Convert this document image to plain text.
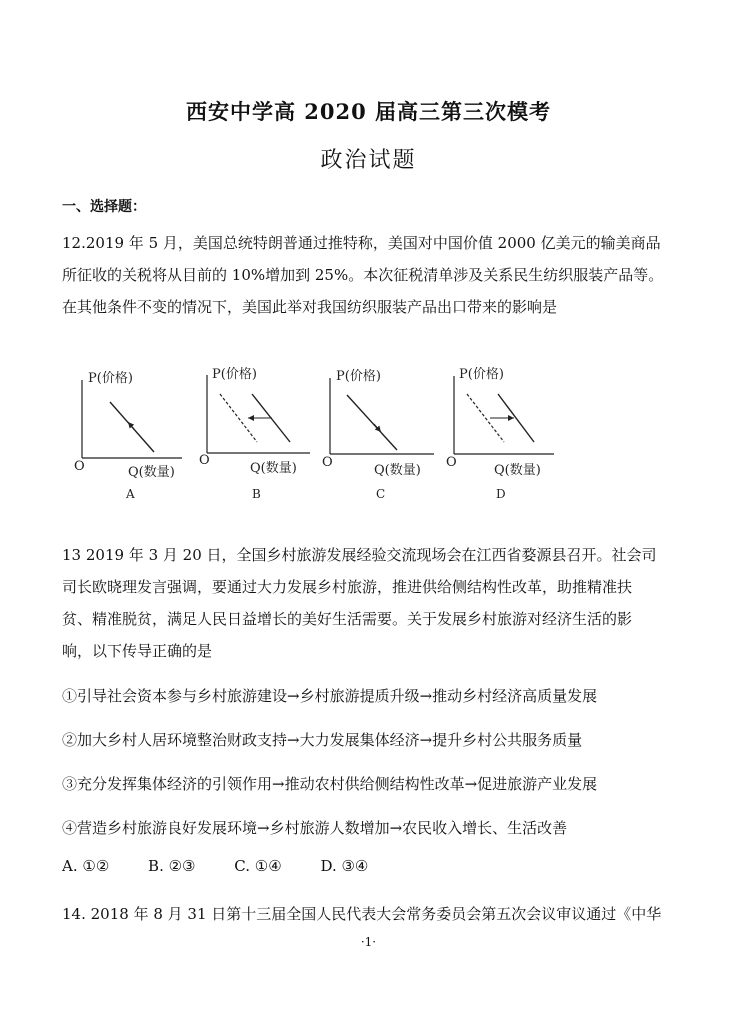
西安中学高 2020 届高三第三次模考
政治试题
一、选择题：
12.2019 年 5 月，美国总统特朗普通过推特称，美国对中国价值 2000 亿美元的输美商品
所征收的关税将从目前的 10%增加到 25%。本次征税清单涉及关系民生纺织服装产品等。
在其他条件不变的情况下，美国此举对我国纺织服装产品出口带来的影响是
P(价格)
O	Q(数量)
A
P(价格)
O
Q(数量)
B
P(价格)
O
Q(数量)
C
P(价格)
O
Q(数量)
D
13 2019 年 3 月 20 日，全国乡村旅游发展经验交流现场会在江西省婺源县召开。社会司
司长欧晓理发言强调，要通过大力发展乡村旅游，推进供给侧结构性改革，助推精准扶
贫、精准脱贫，满足人民日益增长的美好生活需要。关于发展乡村旅游对经济生活的影
响，以下传导正确的是
①引导社会资本参与乡村旅游建设→乡村旅游提质升级→推动乡村经济高质量发展
②加大乡村人居环境整治财政支持→大力发展集体经济→提升乡村公共服务质量
③充分发挥集体经济的引领作用→推动农村供给侧结构性改革→促进旅游产业发展
④营造乡村旅游良好发展环境→乡村旅游人数增加→农民收入增长、生活改善
A. ①②	B. ②③	C. ①④	D. ③④
14. 2018 年 8 月 31 日第十三届全国人民代表大会常务委员会第五次会议审议通过《中华
·1·
